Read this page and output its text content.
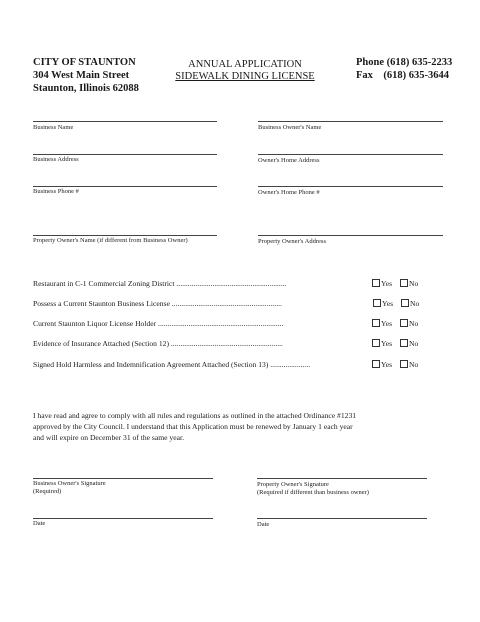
CITY OF STAUNTON
304 West Main Street
Staunton, Illinois 62088
ANNUAL APPLICATION
SIDEWALK DINING LICENSE
Phone (618) 635-2233
Fax    (618) 635-3644
Business Name	Business Owner's Name
Business Address	Owner's Home Address
Business Phone #	Owner's Home Phone #
Property Owner's Name (if different from Business Owner)	Property Owner's Address
Restaurant in C-1 Commercial Zoning District ..........................................................	Yes	No
Possess a Current Staunton Business License ..........................................................	Yes	No
Current Staunton Liquor License Holder ..................................................................	Yes	No
Evidence of Insurance Attached (Section 12) ...........................................................	Yes	No
Signed Hold Harmless and Indemnification Agreement Attached (Section 13) .....................	Yes	No
I have read and agree to comply with all rules and regulations as outlined in the attached Ordinance #1231
approved by the City Council. I understand that this Application must be renewed by January 1 each year
and will expire on December 31 of the same year.
Business Owner's Signature
(Required)
Property Owner's Signature
(Required if different than business owner)
Date	Date
